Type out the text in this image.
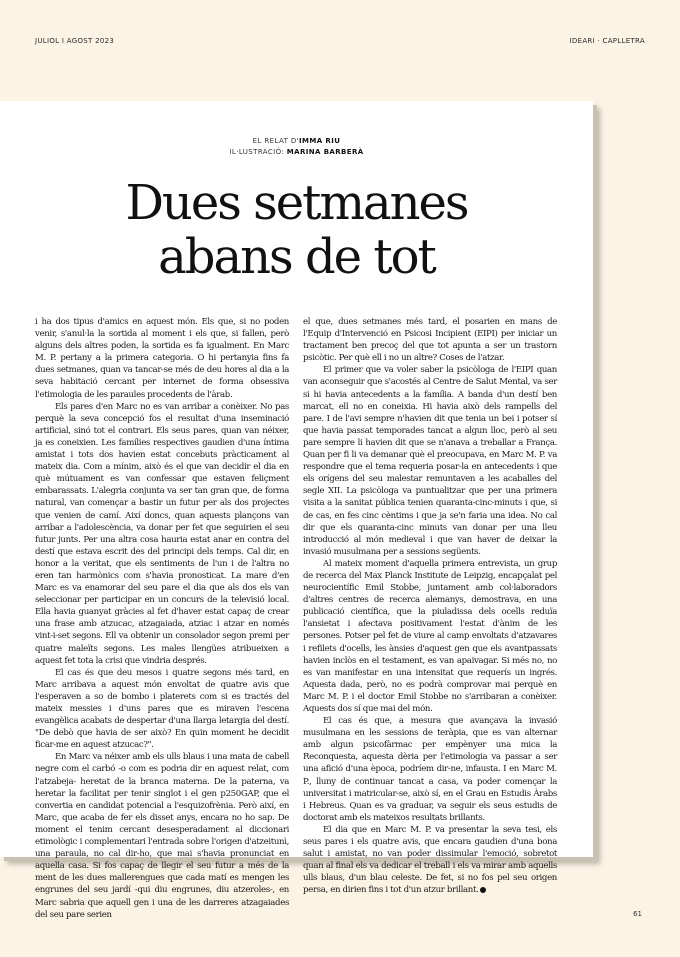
JULIOL I AGOST 2023	IDEARI · CAPLLETRA
EL RELAT D'IMMA RIU
IL·LUSTRACIÓ: MARINA BARBERÀ
Dues setmanes
abans de tot

i ha dos tipus d'amics en aquest món. Els que, si no poden venir, s'anul·la la sortida al moment i els que, si fallen, però alguns dels altres poden, la sortida es fa igualment. En Marc M. P. pertany a la primera categoria. O hi pertanyia fins fa dues setmanes, quan va tancar-se més de deu hores al dia a la seva habitació cercant per internet de forma obsessiva l'etimologia de les paraules procedents de l'àrab.

Els pares d'en Marc no es van arribar a conèixer. No pas perquè la seva concepció fos el resultat d'una inseminació artificial, sinó tot el contrari. Els seus pares, quan van néixer, ja es coneixien. Les famílies respectives gaudien d'una íntima amistat i tots dos havien estat concebuts pràcticament al mateix dia. Com a mínim, això és el que van decidir el dia en què mútuament es van confessar que estaven feliçment embarassats. L'alegria conjunta va ser tan gran que, de forma natural, van començar a bastir un futur per als dos projectes que venien de camí. Així doncs, quan aquests plançons van arribar a l'adolescència, va donar per fet que seguirien el seu futur junts. Per una altra cosa hauria estat anar en contra del destí que estava escrit des del principi dels temps. Cal dir, en honor a la veritat, que els sentiments de l'un i de l'altra no eren tan harmònics com s'havia pronosticat. La mare d'en Marc es va enamorar del seu pare el dia que als dos els van seleccionar per participar en un concurs de la televisió local. Ella havia guanyat gràcies al fet d'haver estat capaç de crear una frase amb atzucac, atzagaiada, atziac i atzar en només vint-i-set segons. Ell va obtenir un consolador segon premi per quatre maleïts segons. Les males llengües atribueixen a aquest fet tota la crisi que vindria després.

El cas és que deu mesos i quatre segons més tard, en Marc arribava a aquest món envoltat de quatre avis que l'esperaven a so de bombo i platerets com si es tractés del mateix messies i d'uns pares que es miraven l'escena evangèlica acabats de despertar d'una llarga letargia del destí. "De debò que havia de ser això? En quin moment he decidit ficar-me en aquest atzucac?".

En Marc va néixer amb els ulls blaus i una mata de cabell negre com el carbó -o com es podria dir en aquest relat, com l'atzabeja- heretat de la branca materna. De la paterna, va heretar la facilitat per tenir singlot i el gen p250GAP, que el convertia en candidat potencial a l'esquizofrènia. Però així, en Marc, que acaba de fer els disset anys, encara no ho sap. De moment el tenim cercant desesperadament al diccionari etimològic i complementari l'entrada sobre l'origen d'atzeitunì, una paraula, no cal dir-ho, que mai s'havia pronunciat en aquella casa. Si fos capaç de llegir el seu futur a més de la ment de les dues mallerengues que cada matí es mengen les engrunes del seu jardí -qui diu engrunes, diu atzeroles-, en Marc sabria que aquell gen i una de les darreres atzagaiades del seu pare serien

el que, dues setmanes més tard, el posarien en mans de l'Equip d'Intervenció en Psicosi Incipient (EIPI) per iniciar un tractament ben precoç del que tot apunta a ser un trastorn psicòtic. Per què ell i no un altre? Coses de l'atzar.

El primer que va voler saber la psicòloga de l'EIPI quan van aconseguir que s'acostés al Centre de Salut Mental, va ser si hi havia antecedents a la família. A banda d'un destí ben marcat, ell no en coneixia. Hi havia això dels rampells del pare. I de l'avi sempre n'havien dit que tenia un bei i potser sí que havia passat temporades tancat a algun lloc, però al seu pare sempre li havien dit que se n'anava a treballar a França. Quan per fi li va demanar què el preocupava, en Marc M. P. va respondre que el tema requeria posar-la en antecedents i que els orígens del seu malestar remuntaven a les acaballes del segle XII. La psicòloga va puntualitzar que per una primera visita a la sanitat pública tenien quaranta-cinc-minuts i que, si de cas, en fes cinc cèntims i que ja se'n faria una idea. No cal dir que els quaranta-cinc minuts van donar per una lleu introducció al món medieval i que van haver de deixar la invasió musulmana per a sessions següents.

Al mateix moment d'aquella primera entrevista, un grup de recerca del Max Planck Institute de Leipzig, encapçalat pel neurocientífic Emil Stobbe, juntament amb col·laboradors d'altres centres de recerca alemanys, demostrava, en una publicació científica, que la piuladissa dels ocells reduïa l'ansietat i afectava positivament l'estat d'ànim de les persones. Potser pel fet de viure al camp envoltats d'atzavares i refilets d'ocells, les ànsies d'aquest gen que els avantpassats havien inclòs en el testament, es van apaivagar. Si més no, no es van manifestar en una intensitat que requerís un ingrés. Aquesta dada, però, no es podrà comprovar mai perquè en Marc M. P. i el doctor Emil Stobbe no s'arribaran a conèixer. Aquests dos sí que mai del món.

El cas és que, a mesura que avançava la invasió musulmana en les sessions de teràpia, que es van alternar amb algun psicofàrmac per empènyer una mica la Reconquesta, aquesta dèria per l'etimologia va passar a ser una afició d'una època, podríem dir-ne, infausta. I en Marc M. P., lluny de continuar tancat a casa, va poder començar la universitat i matricular-se, això sí, en el Grau en Estudis Àrabs i Hebreus. Quan es va graduar, va seguir els seus estudis de doctorat amb els mateixos resultats brillants.

El dia que en Marc M. P. va presentar la seva tesi, els seus pares i els quatre avis, que encara gaudien d'una bona salut i amistat, no van poder dissimular l'emoció, sobretot quan al final els va dedicar el treball i els va mirar amb aquells ulls blaus, d'un blau celeste. De fet, si no fos pel seu origen persa, en dirien fins i tot d'un atzur brillant.

61
